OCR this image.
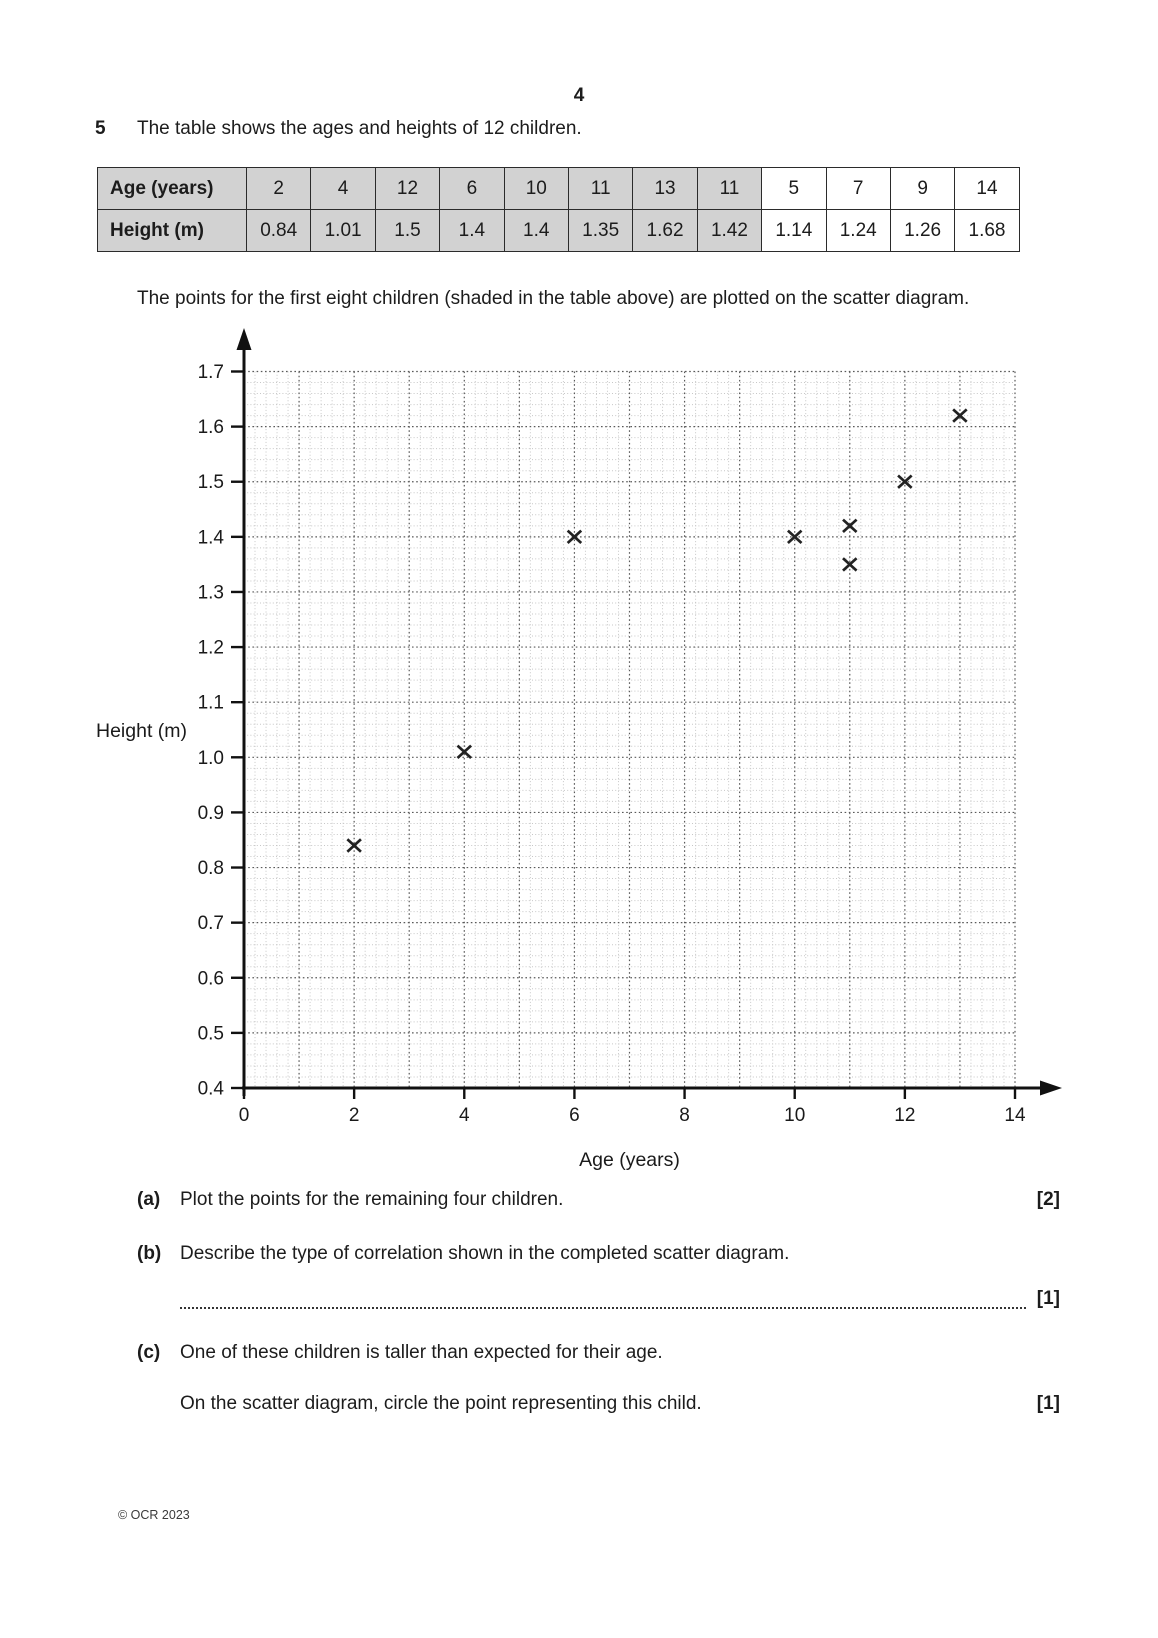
4
5 The table shows the ages and heights of 12 children.
Age (years)	2	4	12	6	10	11	13	11	5	7	9	14
Height (m)	0.84	1.01	1.5	1.4	1.4	1.35	1.62	1.42	1.14	1.24	1.26	1.68
The points for the first eight children (shaded in the table above) are plotted on the scatter diagram.
0.4
0.5
0.6
0.7
0.8
0.9
1.0
1.1
1.2
1.3
1.4
1.5
1.6
1.7
0	2	4	6	8	10	12	14
Height (m)
Age (years)
(a) Plot the points for the remaining four children.	[2]
(b) Describe the type of correlation shown in the completed scatter diagram.
[1]
(c) One of these children is taller than expected for their age.
On the scatter diagram, circle the point representing this child.	[1]
© OCR 2023
